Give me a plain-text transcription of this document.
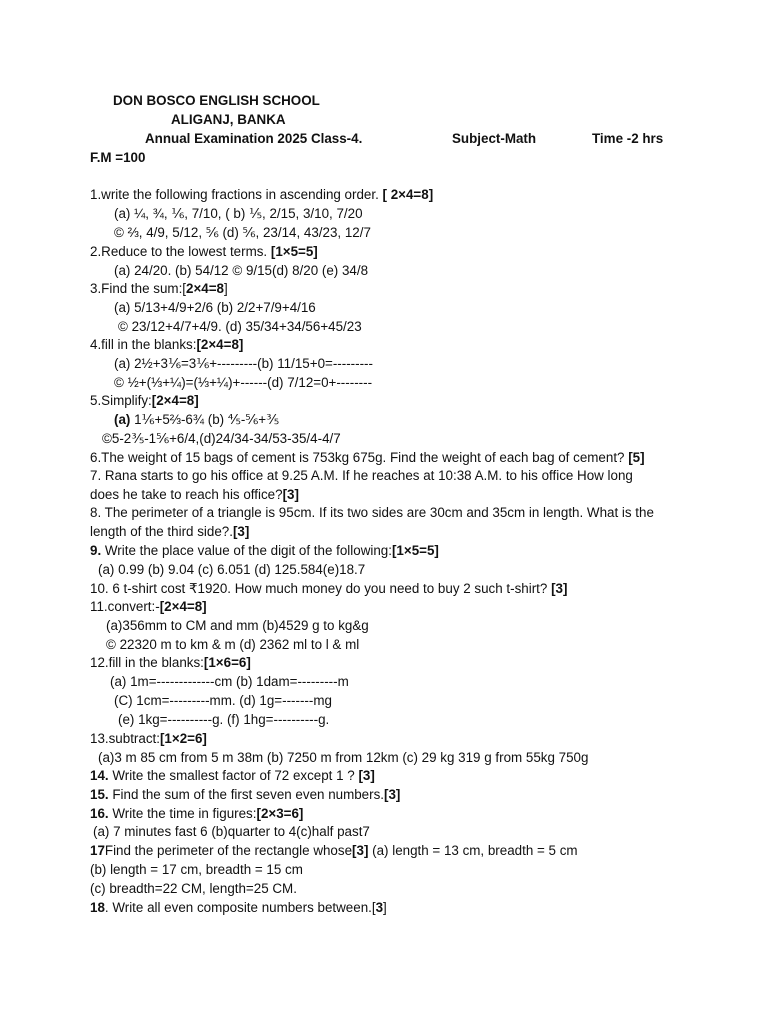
DON BOSCO ENGLISH SCHOOL
ALIGANJ, BANKA
Annual Examination 2025 Class-4.	Subject-Math	Time -2 hrs
F.M =100
1.write the following fractions in ascending order. [ 2×4=8]
(a) ¼, ¾, ⅙, 7/10, ( b) ⅕, 2/15, 3/10, 7/20
© ⅔, 4/9, 5/12, ⅚ (d) ⅚, 23/14, 43/23, 12/7
2.Reduce to the lowest terms. [1×5=5]
(a) 24/20. (b) 54/12 © 9/15(d) 8/20 (e) 34/8
3.Find the sum:[2×4=8]
(a) 5/13+4/9+2/6 (b) 2/2+7/9+4/16
© 23/12+4/7+4/9. (d) 35/34+34/56+45/23
4.fill in the blanks:[2×4=8]
(a) 2½+3⅙=3⅙+---------(b) 11/15+0=---------
© ½+(⅓+¼)=(⅓+¼)+------(d) 7/12=0+--------
5.Simplify:[2×4=8]
(a) 1⅙+5⅔-6¾ (b) ⅘-⅚+⅗
©5-2⅗-1⅚+6/4,(d)24/34-34/53-35/4-4/7
6.The weight of 15 bags of cement is 753kg 675g. Find the weight of each bag of cement? [5]
7. Rana starts to go his office at 9.25 A.M. If he reaches at 10:38 A.M. to his office How long
does he take to reach his office?[3]
8. The perimeter of a triangle is 95cm. If its two sides are 30cm and 35cm in length. What is the
length of the third side?.[3]
9. Write the place value of the digit of the following:[1×5=5]
(a) 0.99 (b) 9.04 (c) 6.051 (d) 125.584(e)18.7
10. 6 t-shirt cost ₹1920. How much money do you need to buy 2 such t-shirt? [3]
11.convert:-[2×4=8]
(a)356mm to CM and mm (b)4529 g to kg&g
© 22320 m to km & m (d) 2362 ml to l & ml
12.fill in the blanks:[1×6=6]
(a) 1m=-------------cm (b) 1dam=---------m
(C) 1cm=---------mm. (d) 1g=-------mg
(e) 1kg=----------g. (f) 1hg=----------g.
13.subtract:[1×2=6]
(a)3 m 85 cm from 5 m 38m (b) 7250 m from 12km (c) 29 kg 319 g from 55kg 750g
14. Write the smallest factor of 72 except 1 ? [3]
15. Find the sum of the first seven even numbers.[3]
16. Write the time in figures:[2×3=6]
(a) 7 minutes fast 6 (b)quarter to 4(c)half past7
17Find the perimeter of the rectangle whose[3] (a) length = 13 cm, breadth = 5 cm
(b) length = 17 cm, breadth = 15 cm
(c) breadth=22 CM, length=25 CM.
18. Write all even composite numbers between.[3]
